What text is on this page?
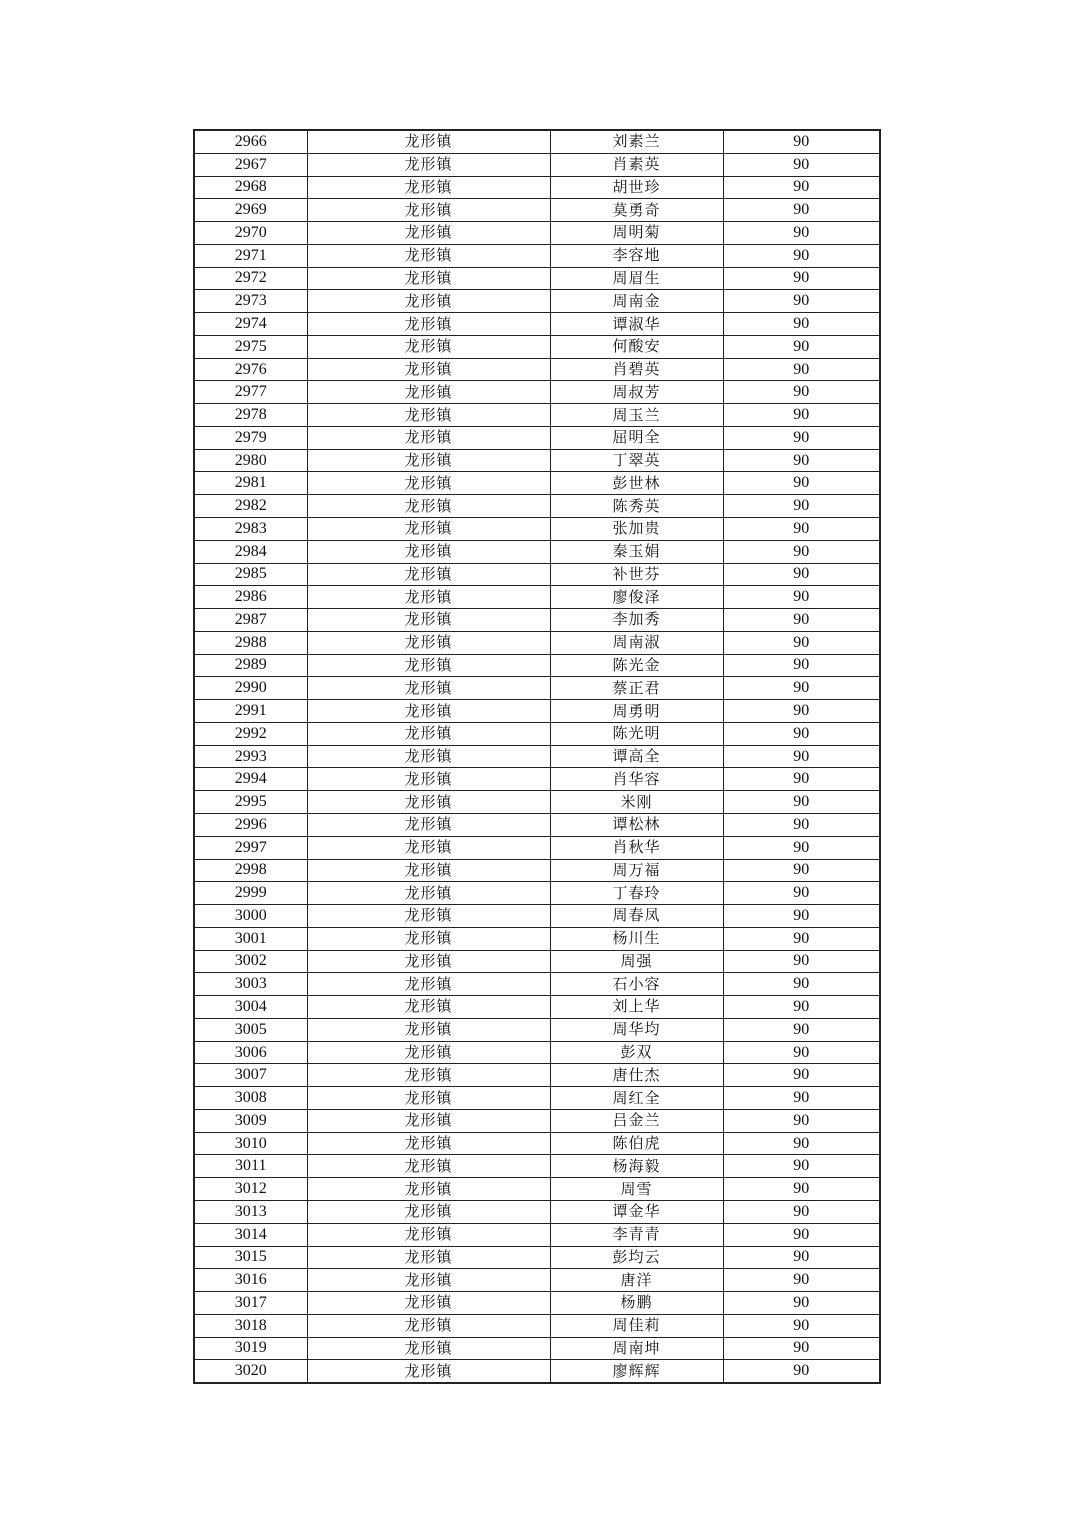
2966	龙形镇	刘素兰	90
2967	龙形镇	肖素英	90
2968	龙形镇	胡世珍	90
2969	龙形镇	莫勇奇	90
2970	龙形镇	周明菊	90
2971	龙形镇	李容地	90
2972	龙形镇	周眉生	90
2973	龙形镇	周南金	90
2974	龙形镇	谭淑华	90
2975	龙形镇	何酸安	90
2976	龙形镇	肖碧英	90
2977	龙形镇	周叔芳	90
2978	龙形镇	周玉兰	90
2979	龙形镇	屈明全	90
2980	龙形镇	丁翠英	90
2981	龙形镇	彭世林	90
2982	龙形镇	陈秀英	90
2983	龙形镇	张加贵	90
2984	龙形镇	秦玉娟	90
2985	龙形镇	补世芬	90
2986	龙形镇	廖俊泽	90
2987	龙形镇	李加秀	90
2988	龙形镇	周南淑	90
2989	龙形镇	陈光金	90
2990	龙形镇	蔡正君	90
2991	龙形镇	周勇明	90
2992	龙形镇	陈光明	90
2993	龙形镇	谭高全	90
2994	龙形镇	肖华容	90
2995	龙形镇	米刚	90
2996	龙形镇	谭松林	90
2997	龙形镇	肖秋华	90
2998	龙形镇	周万福	90
2999	龙形镇	丁春玲	90
3000	龙形镇	周春凤	90
3001	龙形镇	杨川生	90
3002	龙形镇	周强	90
3003	龙形镇	石小容	90
3004	龙形镇	刘上华	90
3005	龙形镇	周华均	90
3006	龙形镇	彭双	90
3007	龙形镇	唐仕杰	90
3008	龙形镇	周红全	90
3009	龙形镇	吕金兰	90
3010	龙形镇	陈伯虎	90
3011	龙形镇	杨海毅	90
3012	龙形镇	周雪	90
3013	龙形镇	谭金华	90
3014	龙形镇	李青青	90
3015	龙形镇	彭均云	90
3016	龙形镇	唐洋	90
3017	龙形镇	杨鹏	90
3018	龙形镇	周佳莉	90
3019	龙形镇	周南坤	90
3020	龙形镇	廖辉辉	90
